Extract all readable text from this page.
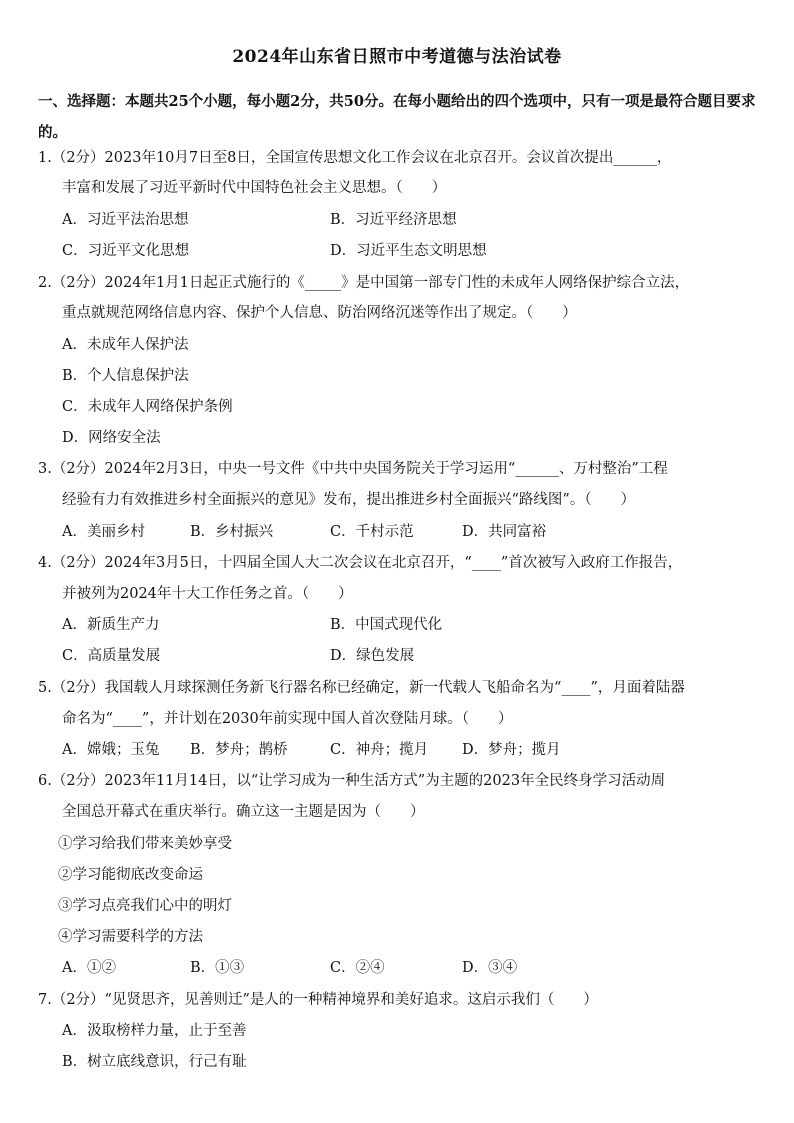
2024年山东省日照市中考道德与法治试卷
一、选择题：本题共25个小题，每小题2分，共50分。在每小题给出的四个选项中，只有一项是最符合题目要求的。
1.（2分）2023年10月7日至8日，全国宣传思想文化工作会议在北京召开。会议首次提出______，
丰富和发展了习近平新时代中国特色社会主义思想。（　　）
A．习近平法治思想	B．习近平经济思想
C．习近平文化思想	D．习近平生态文明思想
2.（2分）2024年1月1日起正式施行的《_____》是中国第一部专门性的未成年人网络保护综合立法，
重点就规范网络信息内容、保护个人信息、防治网络沉迷等作出了规定。（　　）
A．未成年人保护法
B．个人信息保护法
C．未成年人网络保护条例
D．网络安全法
3.（2分）2024年2月3日，中央一号文件《中共中央国务院关于学习运用“______、万村整治”工程
经验有力有效推进乡村全面振兴的意见》发布，提出推进乡村全面振兴“路线图”。（　　）
A．美丽乡村	B．乡村振兴	C．千村示范	D．共同富裕
4.（2分）2024年3月5日，十四届全国人大二次会议在北京召开，“____”首次被写入政府工作报告，
并被列为2024年十大工作任务之首。（　　）
A．新质生产力	B．中国式现代化
C．高质量发展	D．绿色发展
5.（2分）我国载人月球探测任务新飞行器名称已经确定，新一代载人飞船命名为“____”，月面着陆器
命名为“____”，并计划在2030年前实现中国人首次登陆月球。（　　）
A．嫦娥；玉兔 B．梦舟；鹊桥	C．神舟；揽月 D．梦舟；揽月
6.（2分）2023年11月14日，以“让学习成为一种生活方式”为主题的2023年全民终身学习活动周
全国总开幕式在重庆举行。确立这一主题是因为（　　）
①学习给我们带来美妙享受
②学习能彻底改变命运
③学习点亮我们心中的明灯
④学习需要科学的方法
A．①②	B．①③	C．②④	D．③④
7.（2分）“见贤思齐，见善则迁”是人的一种精神境界和美好追求。这启示我们（　　）
A．汲取榜样力量，止于至善
B．树立底线意识，行己有耻
